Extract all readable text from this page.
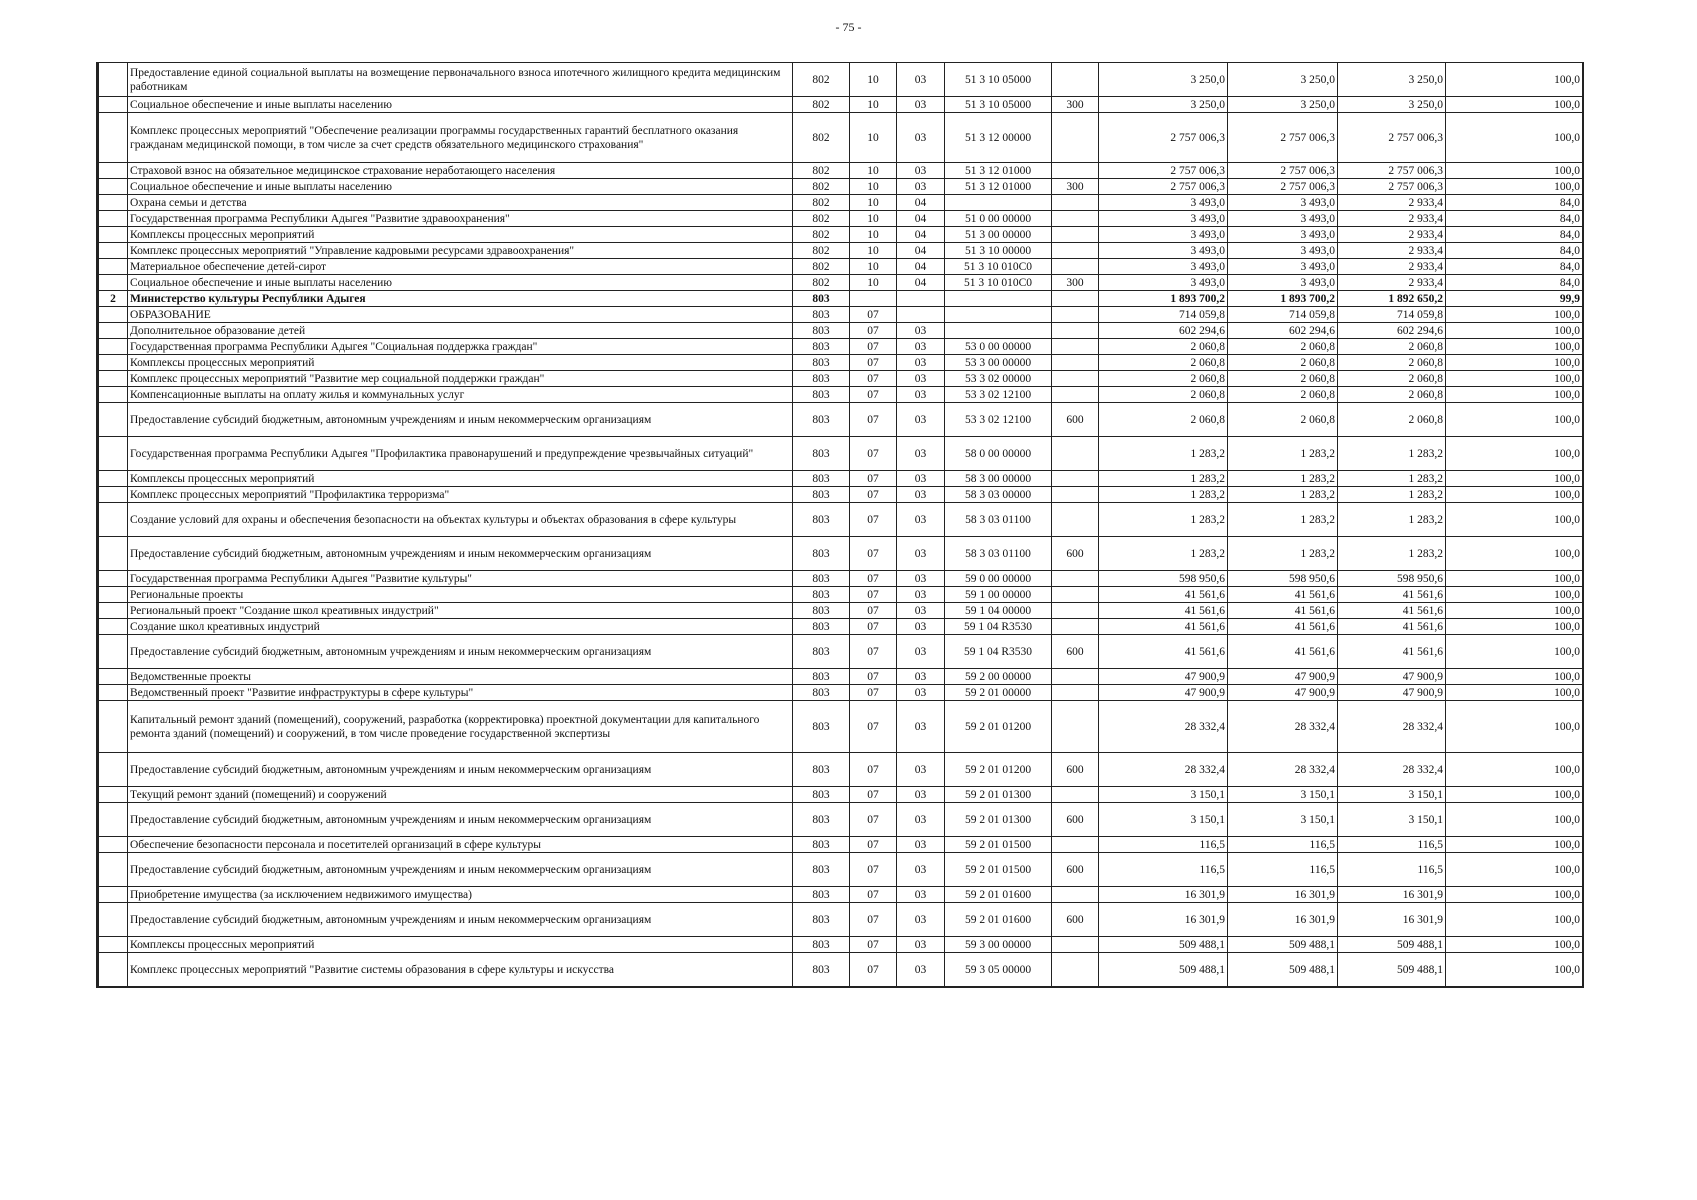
- 75 -
	Предоставление единой социальной выплаты на возмещение первоначального взноса ипотечного жилищного кредита медицинским работникам	802	10	03	51 3 10 05000		3 250,0	3 250,0	3 250,0	100,0
	Социальное обеспечение и иные выплаты населению	802	10	03	51 3 10 05000	300	3 250,0	3 250,0	3 250,0	100,0
	Комплекс процессных мероприятий "Обеспечение реализации программы государственных гарантий бесплатного оказания гражданам медицинской помощи, в том числе за счет средств обязательного медицинского страхования"	802	10	03	51 3 12 00000		2 757 006,3	2 757 006,3	2 757 006,3	100,0
	Страховой взнос на обязательное медицинское страхование неработающего населения	802	10	03	51 3 12 01000		2 757 006,3	2 757 006,3	2 757 006,3	100,0
	Социальное обеспечение и иные выплаты населению	802	10	03	51 3 12 01000	300	2 757 006,3	2 757 006,3	2 757 006,3	100,0
	Охрана семьи и детства	802	10	04			3 493,0	3 493,0	2 933,4	84,0
	Государственная программа Республики Адыгея "Развитие здравоохранения"	802	10	04	51 0 00 00000		3 493,0	3 493,0	2 933,4	84,0
	Комплексы процессных мероприятий	802	10	04	51 3 00 00000		3 493,0	3 493,0	2 933,4	84,0
	Комплекс процессных мероприятий "Управление кадровыми ресурсами здравоохранения"	802	10	04	51 3 10 00000		3 493,0	3 493,0	2 933,4	84,0
	Материальное обеспечение детей-сирот	802	10	04	51 3 10 010С0		3 493,0	3 493,0	2 933,4	84,0
	Социальное обеспечение и иные выплаты населению	802	10	04	51 3 10 010С0	300	3 493,0	3 493,0	2 933,4	84,0
2	Министерство культуры Республики Адыгея	803					1 893 700,2	1 893 700,2	1 892 650,2	99,9
	ОБРАЗОВАНИЕ	803	07				714 059,8	714 059,8	714 059,8	100,0
	Дополнительное образование детей	803	07	03			602 294,6	602 294,6	602 294,6	100,0
	Государственная программа Республики Адыгея "Социальная поддержка граждан"	803	07	03	53 0 00 00000		2 060,8	2 060,8	2 060,8	100,0
	Комплексы процессных мероприятий	803	07	03	53 3 00 00000		2 060,8	2 060,8	2 060,8	100,0
	Комплекс процессных мероприятий "Развитие мер социальной поддержки граждан"	803	07	03	53 3 02 00000		2 060,8	2 060,8	2 060,8	100,0
	Компенсационные выплаты на оплату жилья и коммунальных услуг	803	07	03	53 3 02 12100		2 060,8	2 060,8	2 060,8	100,0
	Предоставление субсидий бюджетным, автономным учреждениям и иным некоммерческим организациям	803	07	03	53 3 02 12100	600	2 060,8	2 060,8	2 060,8	100,0
	Государственная программа Республики Адыгея "Профилактика правонарушений и предупреждение чрезвычайных ситуаций"	803	07	03	58 0 00 00000		1 283,2	1 283,2	1 283,2	100,0
	Комплексы процессных мероприятий	803	07	03	58 3 00 00000		1 283,2	1 283,2	1 283,2	100,0
	Комплекс процессных мероприятий "Профилактика терроризма"	803	07	03	58 3 03 00000		1 283,2	1 283,2	1 283,2	100,0
	Создание условий для охраны и обеспечения безопасности на объектах культуры и объектах образования в сфере культуры	803	07	03	58 3 03 01100		1 283,2	1 283,2	1 283,2	100,0
	Предоставление субсидий бюджетным, автономным учреждениям и иным некоммерческим организациям	803	07	03	58 3 03 01100	600	1 283,2	1 283,2	1 283,2	100,0
	Государственная программа Республики Адыгея "Развитие культуры"	803	07	03	59 0 00 00000		598 950,6	598 950,6	598 950,6	100,0
	Региональные проекты	803	07	03	59 1 00 00000		41 561,6	41 561,6	41 561,6	100,0
	Региональный проект "Создание школ креативных индустрий"	803	07	03	59 1 04 00000		41 561,6	41 561,6	41 561,6	100,0
	Создание школ креативных индустрий	803	07	03	59 1 04 R3530		41 561,6	41 561,6	41 561,6	100,0
	Предоставление субсидий бюджетным, автономным учреждениям и иным некоммерческим организациям	803	07	03	59 1 04 R3530	600	41 561,6	41 561,6	41 561,6	100,0
	Ведомственные проекты	803	07	03	59 2 00 00000		47 900,9	47 900,9	47 900,9	100,0
	Ведомственный проект "Развитие инфраструктуры в сфере культуры"	803	07	03	59 2 01 00000		47 900,9	47 900,9	47 900,9	100,0
	Капитальный ремонт зданий (помещений), сооружений, разработка (корректировка) проектной документации для капитального ремонта зданий (помещений) и сооружений, в том числе проведение государственной экспертизы	803	07	03	59 2 01 01200		28 332,4	28 332,4	28 332,4	100,0
	Предоставление субсидий бюджетным, автономным учреждениям и иным некоммерческим организациям	803	07	03	59 2 01 01200	600	28 332,4	28 332,4	28 332,4	100,0
	Текущий ремонт зданий (помещений) и сооружений	803	07	03	59 2 01 01300		3 150,1	3 150,1	3 150,1	100,0
	Предоставление субсидий бюджетным, автономным учреждениям и иным некоммерческим организациям	803	07	03	59 2 01 01300	600	3 150,1	3 150,1	3 150,1	100,0
	Обеспечение безопасности персонала и посетителей организаций в сфере культуры	803	07	03	59 2 01 01500		116,5	116,5	116,5	100,0
	Предоставление субсидий бюджетным, автономным учреждениям и иным некоммерческим организациям	803	07	03	59 2 01 01500	600	116,5	116,5	116,5	100,0
	Приобретение имущества (за исключением недвижимого имущества)	803	07	03	59 2 01 01600		16 301,9	16 301,9	16 301,9	100,0
	Предоставление субсидий бюджетным, автономным учреждениям и иным некоммерческим организациям	803	07	03	59 2 01 01600	600	16 301,9	16 301,9	16 301,9	100,0
	Комплексы процессных мероприятий	803	07	03	59 3 00 00000		509 488,1	509 488,1	509 488,1	100,0
	Комплекс процессных мероприятий "Развитие системы образования в сфере культуры и искусства	803	07	03	59 3 05 00000		509 488,1	509 488,1	509 488,1	100,0
